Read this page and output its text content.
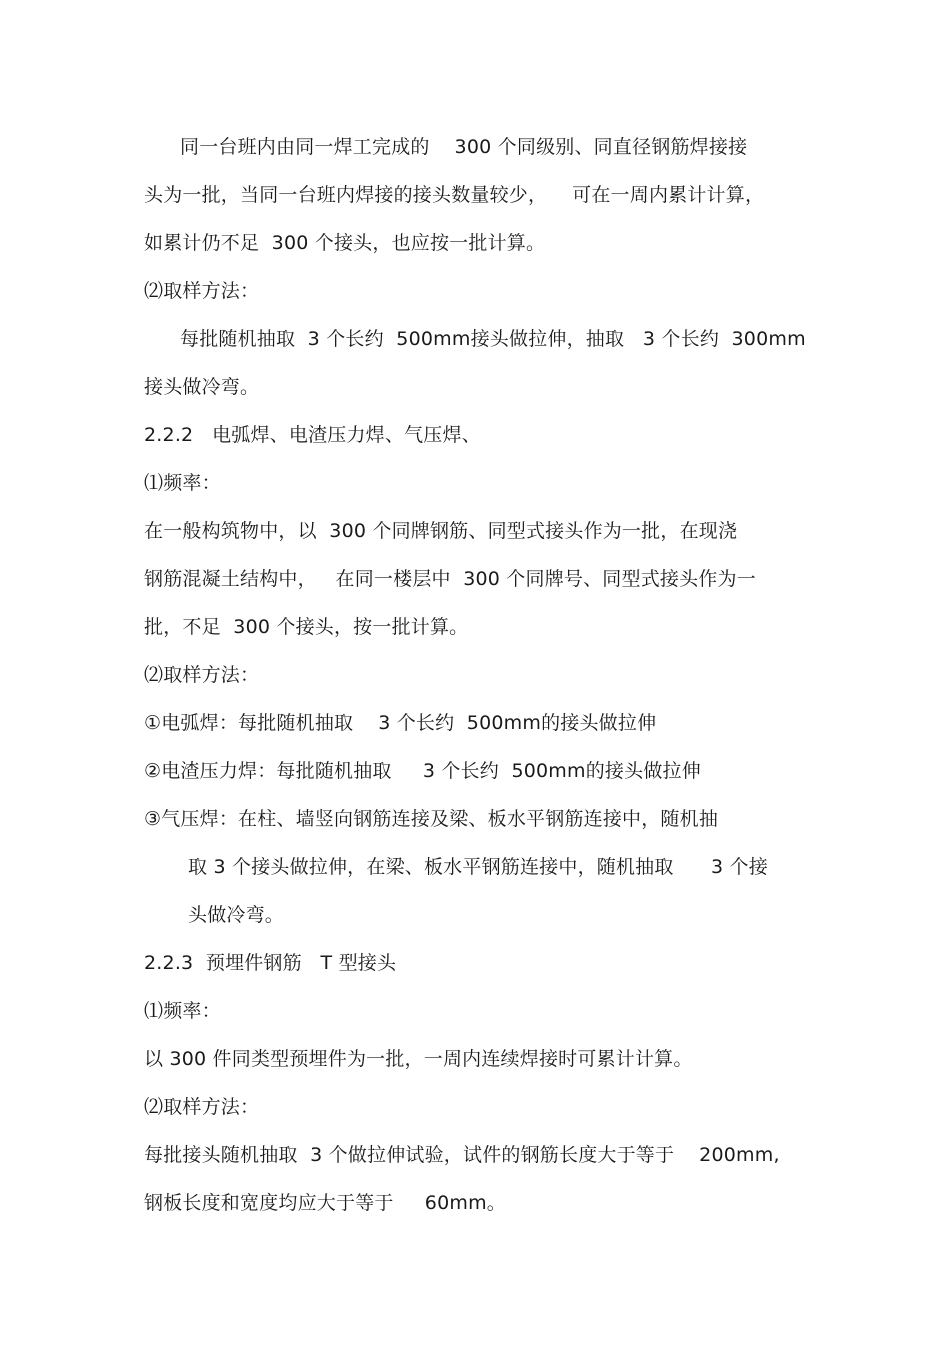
同一台班内由同一焊工完成的    300 个同级别、同直径钢筋焊接接
头为一批，当同一台班内焊接的接头数量较少，    可在一周内累计计算，
如累计仍不足  300 个接头，也应按一批计算。
⑵取样方法：
每批随机抽取  3 个长约  500mm接头做拉伸，抽取   3 个长约  300mm
接头做冷弯。
2.2.2   电弧焊、电渣压力焊、气压焊、
⑴频率：
在一般构筑物中，以  300 个同牌钢筋、同型式接头作为一批，在现浇
钢筋混凝土结构中，   在同一楼层中  300 个同牌号、同型式接头作为一
批，不足  300 个接头，按一批计算。
⑵取样方法：
①电弧焊：每批随机抽取    3 个长约  500mm的接头做拉伸
②电渣压力焊：每批随机抽取     3 个长约  500mm的接头做拉伸
③气压焊：在柱、墙竖向钢筋连接及梁、板水平钢筋连接中，随机抽
取 3 个接头做拉伸，在梁、板水平钢筋连接中，随机抽取      3 个接
头做冷弯。
2.2.3  预埋件钢筋   T 型接头
⑴频率：
以 300 件同类型预埋件为一批，一周内连续焊接时可累计计算。
⑵取样方法：
每批接头随机抽取  3 个做拉伸试验，试件的钢筋长度大于等于    200mm,
钢板长度和宽度均应大于等于     60mm。
